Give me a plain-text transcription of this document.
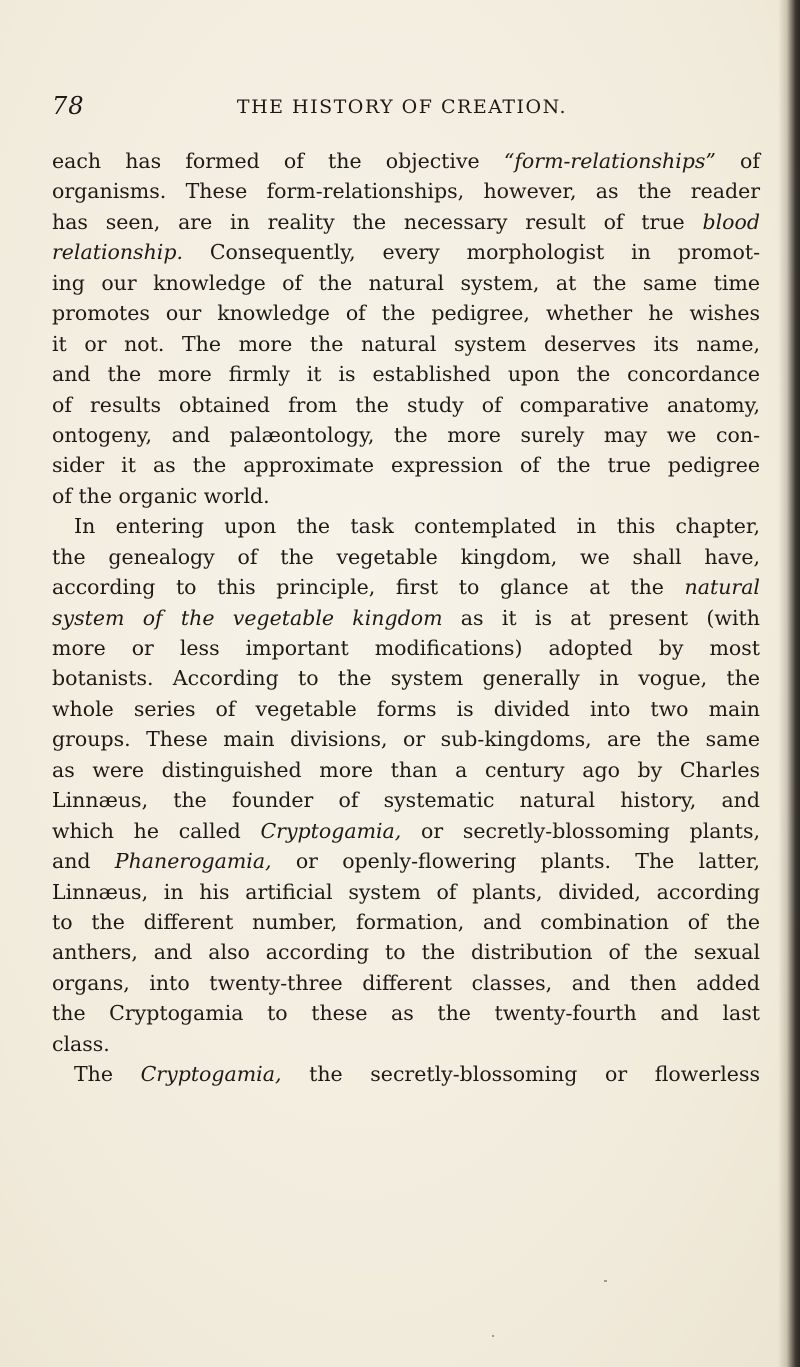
78	THE HISTORY OF CREATION.
each has formed of the objective “form-relationships” of
organisms. These form-relationships, however, as the reader
has seen, are in reality the necessary result of true blood
relationship. Consequently, every morphologist in promot-
ing our knowledge of the natural system, at the same time
promotes our knowledge of the pedigree, whether he wishes
it or not. The more the natural system deserves its name,
and the more firmly it is established upon the concordance
of results obtained from the study of comparative anatomy,
ontogeny, and palæontology, the more surely may we con-
sider it as the approximate expression of the true pedigree
of the organic world.
In entering upon the task contemplated in this chapter,
the genealogy of the vegetable kingdom, we shall have,
according to this principle, first to glance at the natural
system of the vegetable kingdom as it is at present (with
more or less important modifications) adopted by most
botanists. According to the system generally in vogue, the
whole series of vegetable forms is divided into two main
groups. These main divisions, or sub-kingdoms, are the same
as were distinguished more than a century ago by Charles
Linnæus, the founder of systematic natural history, and
which he called Cryptogamia, or secretly-blossoming plants,
and Phanerogamia, or openly-flowering plants. The latter,
Linnæus, in his artificial system of plants, divided, according
to the different number, formation, and combination of the
anthers, and also according to the distribution of the sexual
organs, into twenty-three different classes, and then added
the Cryptogamia to these as the twenty-fourth and last
class.
The Cryptogamia, the secretly-blossoming or flowerless
